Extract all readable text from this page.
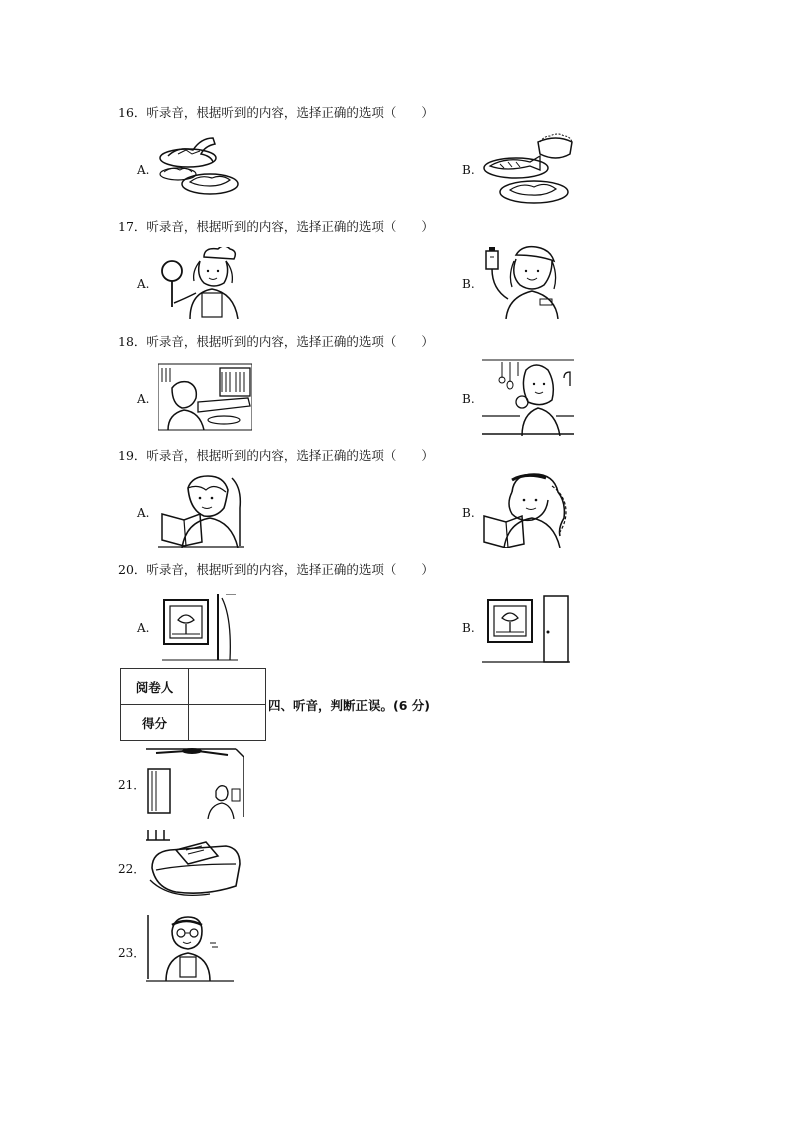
16．听录音，根据听到的内容，选择正确的选项（　　）
A.	B.
17．听录音，根据听到的内容，选择正确的选项（　　）
A.	B.
18．听录音，根据听到的内容，选择正确的选项（　　）
A.	B.
19．听录音，根据听到的内容，选择正确的选项（　　）
A.	B.
20．听录音，根据听到的内容，选择正确的选项（　　）
A.	B.
阅卷人	
得分	
四、听音，判断正误。(6 分)
21．
22．
23．
